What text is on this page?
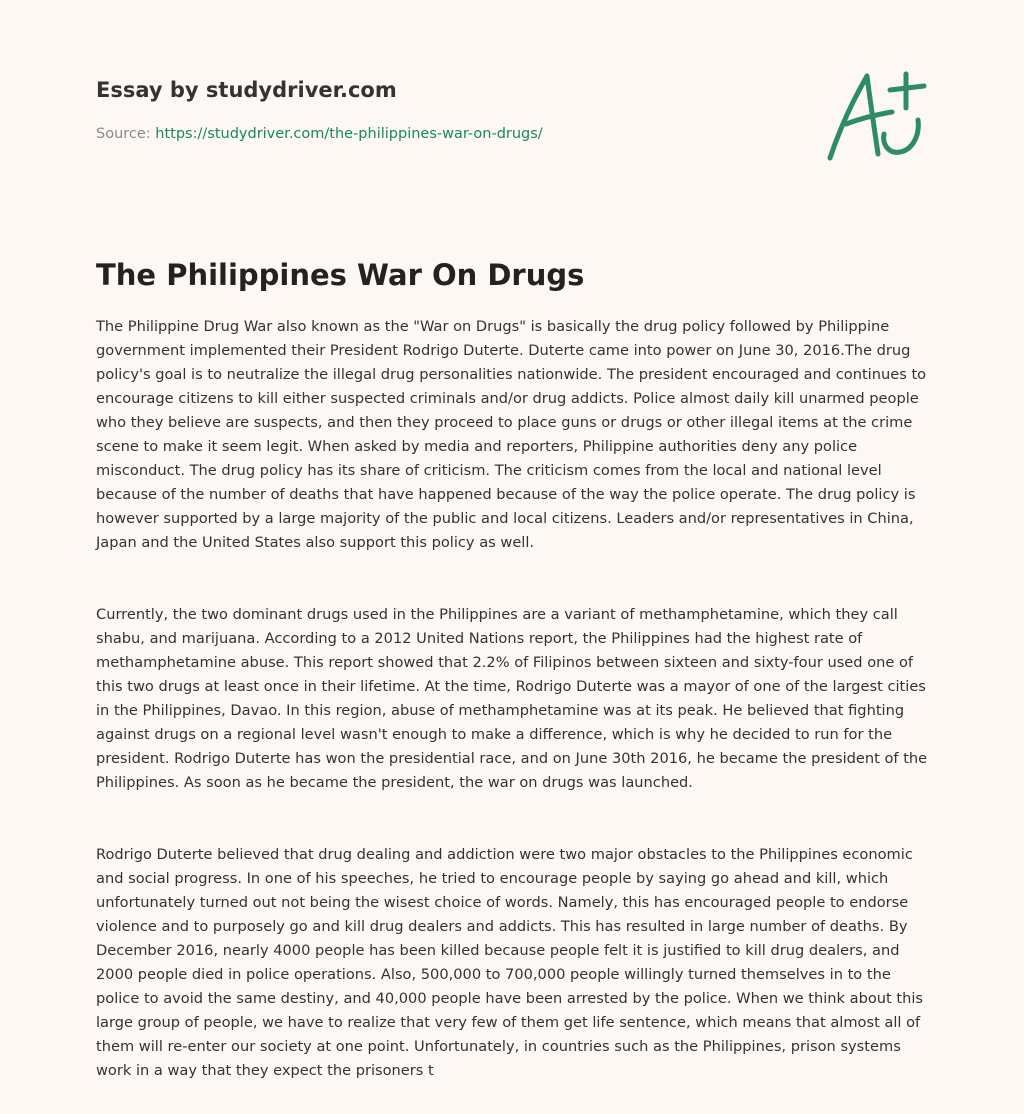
Essay by studydriver.com

Source: https://studydriver.com/the-philippines-war-on-drugs/
The Philippines War On Drugs

The Philippine Drug War also known as the "War on Drugs" is basically the drug policy followed by Philippine
government implemented their President Rodrigo Duterte. Duterte came into power on June 30, 2016.The drug
policy's goal is to neutralize the illegal drug personalities nationwide. The president encouraged and continues to
encourage citizens to kill either suspected criminals and/or drug addicts. Police almost daily kill unarmed people
who they believe are suspects, and then they proceed to place guns or drugs or other illegal items at the crime
scene to make it seem legit. When asked by media and reporters, Philippine authorities deny any police
misconduct. The drug policy has its share of criticism. The criticism comes from the local and national level
because of the number of deaths that have happened because of the way the police operate. The drug policy is
however supported by a large majority of the public and local citizens. Leaders and/or representatives in China,
Japan and the United States also support this policy as well.

Currently, the two dominant drugs used in the Philippines are a variant of methamphetamine, which they call
shabu, and marijuana. According to a 2012 United Nations report, the Philippines had the highest rate of
methamphetamine abuse. This report showed that 2.2% of Filipinos between sixteen and sixty-four used one of
this two drugs at least once in their lifetime. At the time, Rodrigo Duterte was a mayor of one of the largest cities
in the Philippines, Davao. In this region, abuse of methamphetamine was at its peak. He believed that fighting
against drugs on a regional level wasn't enough to make a difference, which is why he decided to run for the
president. Rodrigo Duterte has won the presidential race, and on June 30th 2016, he became the president of the
Philippines. As soon as he became the president, the war on drugs was launched.

Rodrigo Duterte believed that drug dealing and addiction were two major obstacles to the Philippines economic
and social progress. In one of his speeches, he tried to encourage people by saying go ahead and kill, which
unfortunately turned out not being the wisest choice of words. Namely, this has encouraged people to endorse
violence and to purposely go and kill drug dealers and addicts. This has resulted in large number of deaths. By
December 2016, nearly 4000 people has been killed because people felt it is justified to kill drug dealers, and
2000 people died in police operations. Also, 500,000 to 700,000 people willingly turned themselves in to the
police to avoid the same destiny, and 40,000 people have been arrested by the police. When we think about this
large group of people, we have to realize that very few of them get life sentence, which means that almost all of
them will re-enter our society at one point. Unfortunately, in countries such as the Philippines, prison systems
work in a way that they expect the prisoners t
